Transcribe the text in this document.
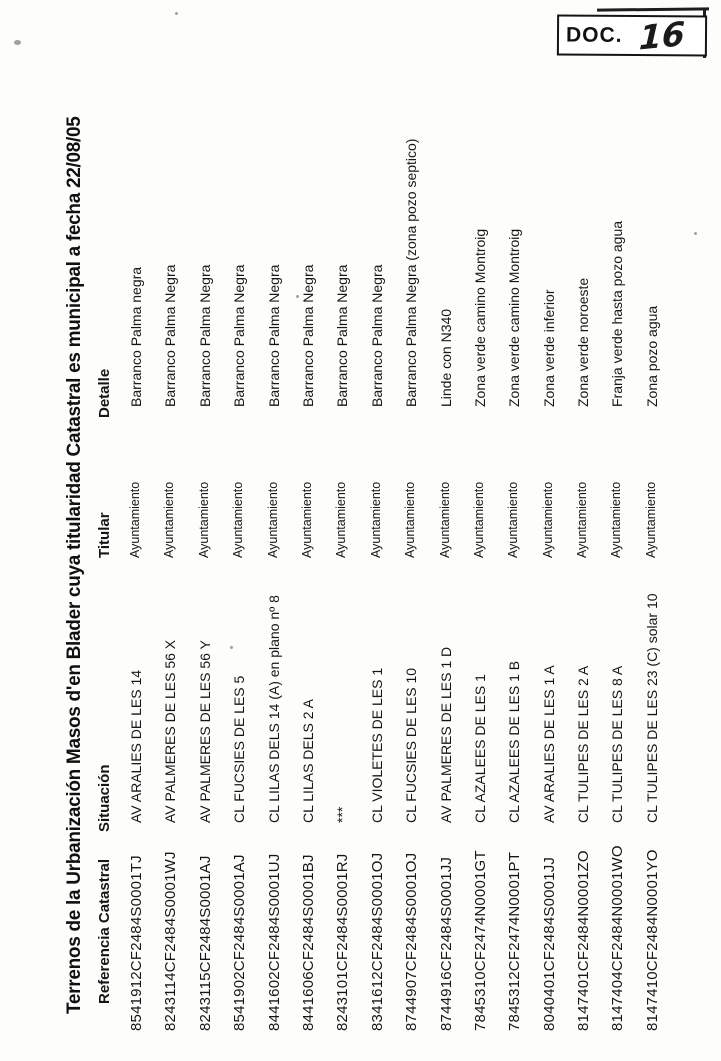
DOC. 16
Terrenos de la Urbanización Masos d'en Blader cuya titularidad Catastral es municipal a fecha 22/08/05 Referencia Catastral
Situación
Titular
Detalle
8541912CF2484S0001TJ
AV ARALIES DE LES 14
Ayuntamiento
Barranco Palma negra
8243114CF2484S0001WJ
AV PALMERES DE LES 56 X
Ayuntamiento
Barranco Palma Negra
8243115CF2484S0001AJ
AV PALMERES DE LES 56 Y
Ayuntamiento
Barranco Palma Negra
8541902CF2484S0001AJ
CL FUCSIES DE LES 5
Ayuntamiento
Barranco Palma Negra
8441602CF2484S0001UJ
CL LILAS DELS 14 (A) en plano nº 8
Ayuntamiento
Barranco Palma Negra
8441606CF2484S0001BJ
CL LILAS DELS 2 A
Ayuntamiento
Barranco Palma Negra
8243101CF2484S0001RJ
***
Ayuntamiento
Barranco Palma Negra
8341612CF2484S0001OJ
CL VIOLETES DE LES 1
Ayuntamiento
Barranco Palma Negra
8744907CF2484S0001OJ
CL FUCSIES DE LES 10
Ayuntamiento
Barranco Palma Negra (zona pozo septico)
8744916CF2484S0001JJ
AV PALMERES DE LES 1 D
Ayuntamiento
Linde con N340
7845310CF2474N0001GT
CL AZALEES DE LES 1
Ayuntamiento
Zona verde camino Montroig
7845312CF2474N0001PT
CL AZALEES DE LES 1 B
Ayuntamiento
Zona verde camino Montroig
8040401CF2484S0001JJ
AV ARALIES DE LES 1 A
Ayuntamiento
Zona verde inferior
8147401CF2484N0001ZO
CL TULIPES DE LES 2 A
Ayuntamiento
Zona verde noroeste
8147404CF2484N0001WO
CL TULIPES DE LES 8 A
Ayuntamiento
Franja verde hasta pozo agua
8147410CF2484N0001YO
CL TULIPES DE LES 23 (C) solar 10
Ayuntamiento
Zona pozo agua
